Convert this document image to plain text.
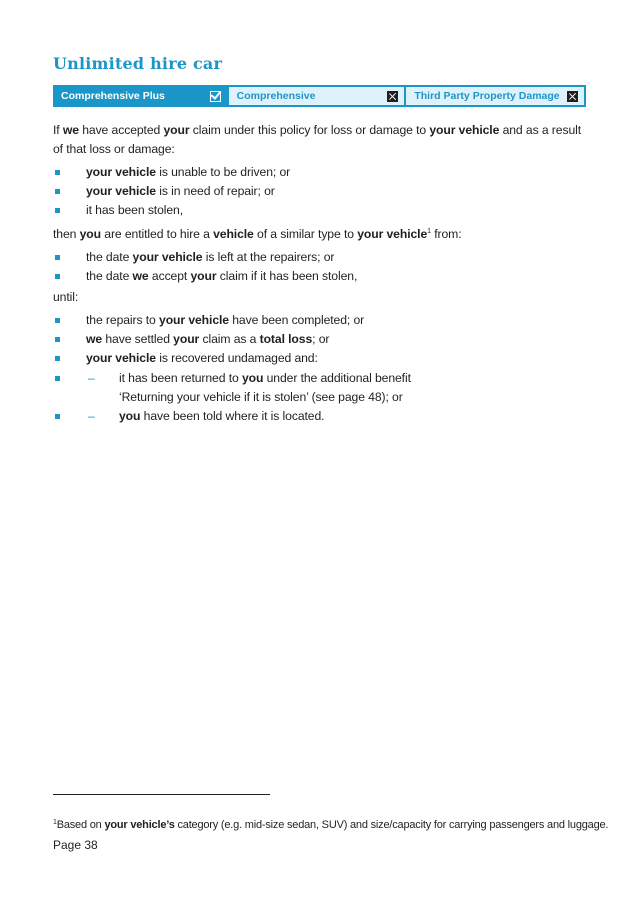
Unlimited hire car
Comprehensive Plus	Comprehensive	Third Party Property Damage

If we have accepted your claim under this policy for loss or damage to your vehicle and as a result of that loss or damage:

your vehicle is unable to be driven; or
your vehicle is in need of repair; or
it has been stolen,

then you are entitled to hire a vehicle of a similar type to your vehicle$^1$ from:

the date your vehicle is left at the repairers; or
the date we accept your claim if it has been stolen,

until:

the repairs to your vehicle have been completed; or
we have settled your claim as a total loss; or
your vehicle is recovered undamaged and:
– it has been returned to you under the additional benefit
‘Returning your vehicle if it is stolen’ (see page 48); or
– you have been told where it is located.
$^1$Based on your vehicle’s category (e.g. mid-size sedan, SUV) and size/capacity for carrying passengers and luggage.
Page 38
